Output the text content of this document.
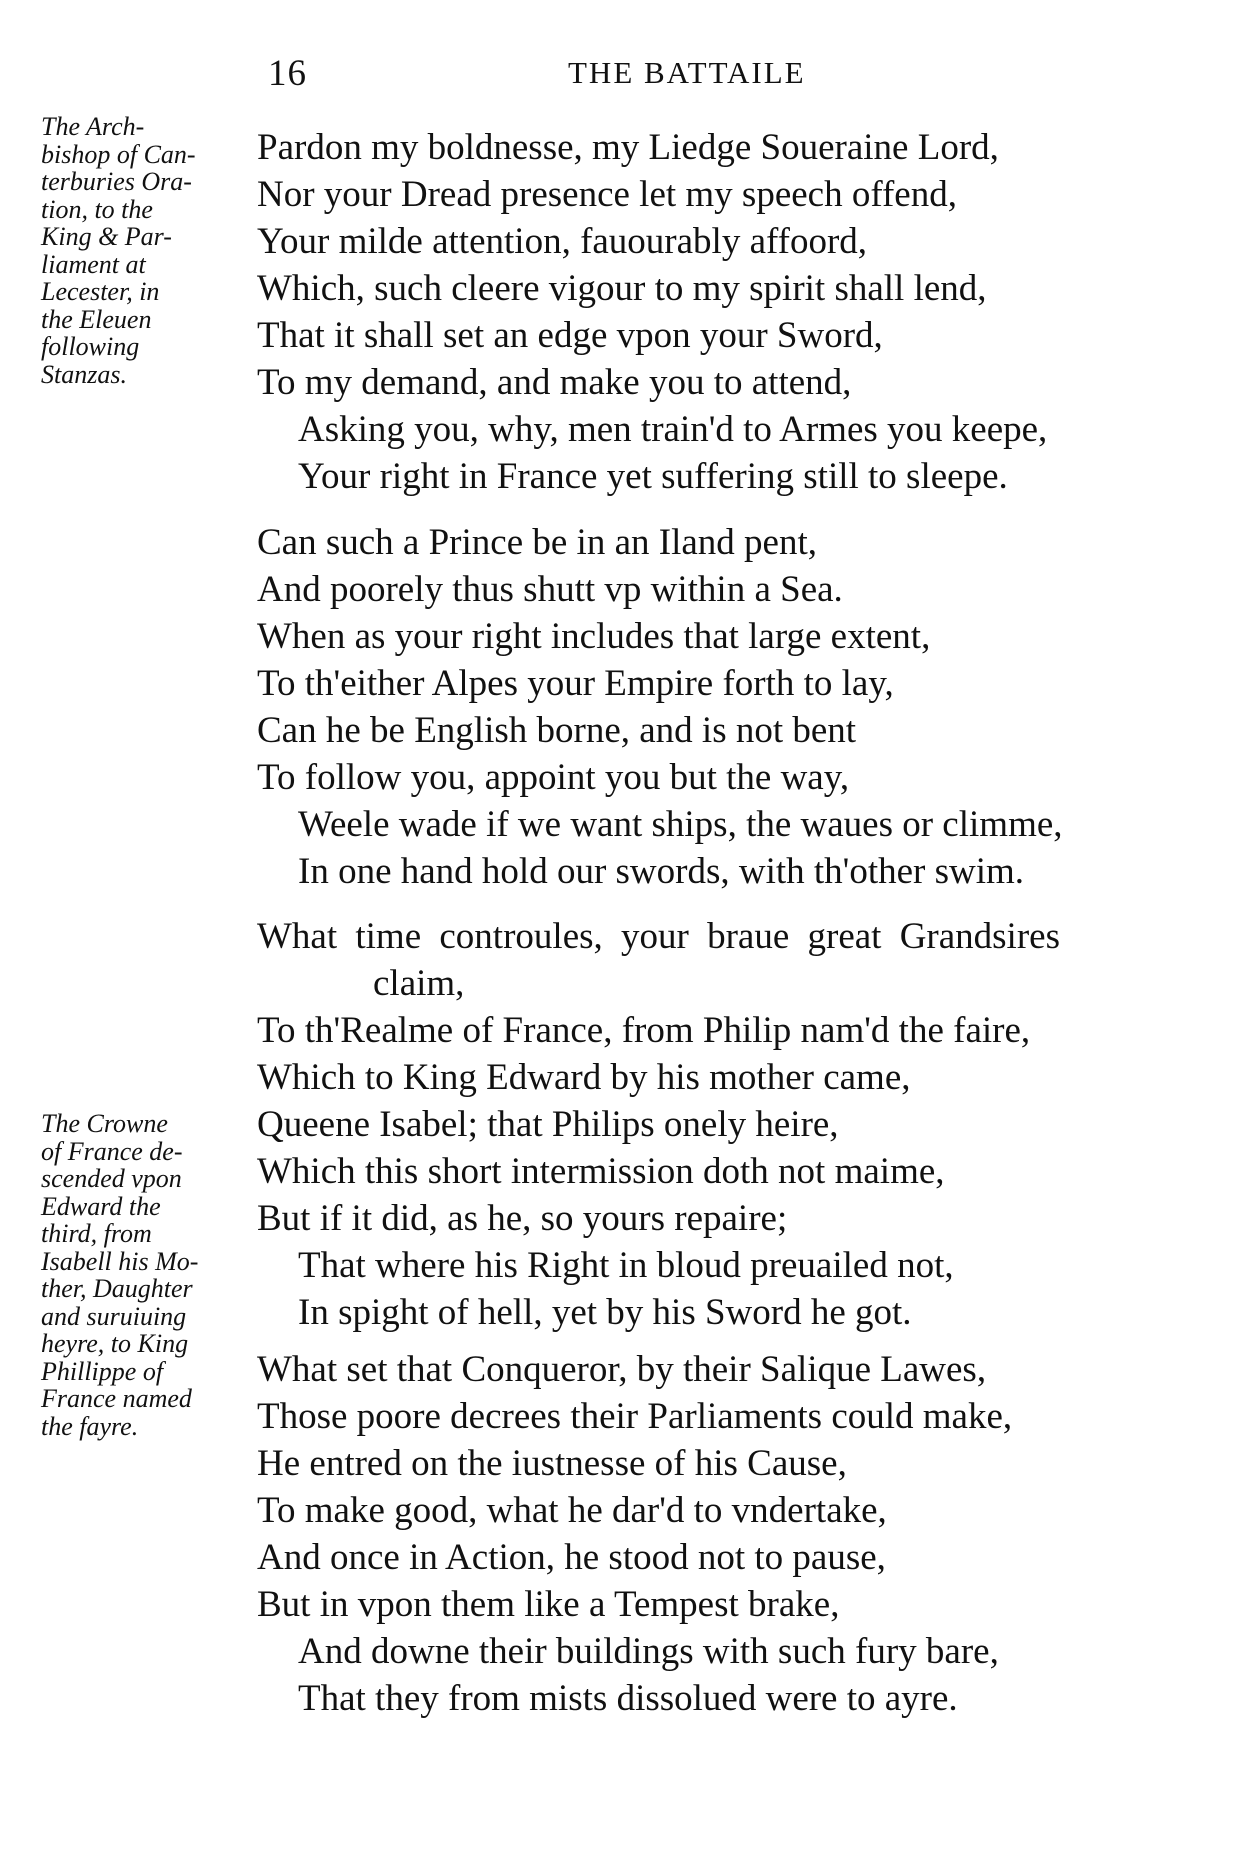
16	THE BATTAILE
The Arch-
bishop of Can-
terburies Ora-
tion, to the
King & Par-
liament at
Lecester, in
the Eleuen
following
Stanzas.
The Crowne
of France de-
scended vpon
Edward the
third, from
Isabell his Mo-
ther, Daughter
and suruiuing
heyre, to King
Phillippe of
France named
the fayre.
Pardon my boldnesse, my Liedge Soueraine Lord,
Nor your Dread presence let my speech offend,
Your milde attention, fauourably affoord,
Which, such cleere vigour to my spirit shall lend,
That it shall set an edge vpon your Sword,
To my demand, and make you to attend,
Asking you, why, men train'd to Armes you keepe,
Your right in France yet suffering still to sleepe.
Can such a Prince be in an Iland pent,
And poorely thus shutt vp within a Sea.
When as your right includes that large extent,
To th'either Alpes your Empire forth to lay,
Can he be English borne, and is not bent
To follow you, appoint you but the way,
Weele wade if we want ships, the waues or climme,
In one hand hold our swords, with th'other swim.
What time controules, your braue great Grandsires
claim,
To th'Realme of France, from Philip nam'd the faire,
Which to King Edward by his mother came,
Queene Isabel; that Philips onely heire,
Which this short intermission doth not maime,
But if it did, as he, so yours repaire;
That where his Right in bloud preuailed not,
In spight of hell, yet by his Sword he got.
What set that Conqueror, by their Salique Lawes,
Those poore decrees their Parliaments could make,
He entred on the iustnesse of his Cause,
To make good, what he dar'd to vndertake,
And once in Action, he stood not to pause,
But in vpon them like a Tempest brake,
And downe their buildings with such fury bare,
That they from mists dissolued were to ayre.
